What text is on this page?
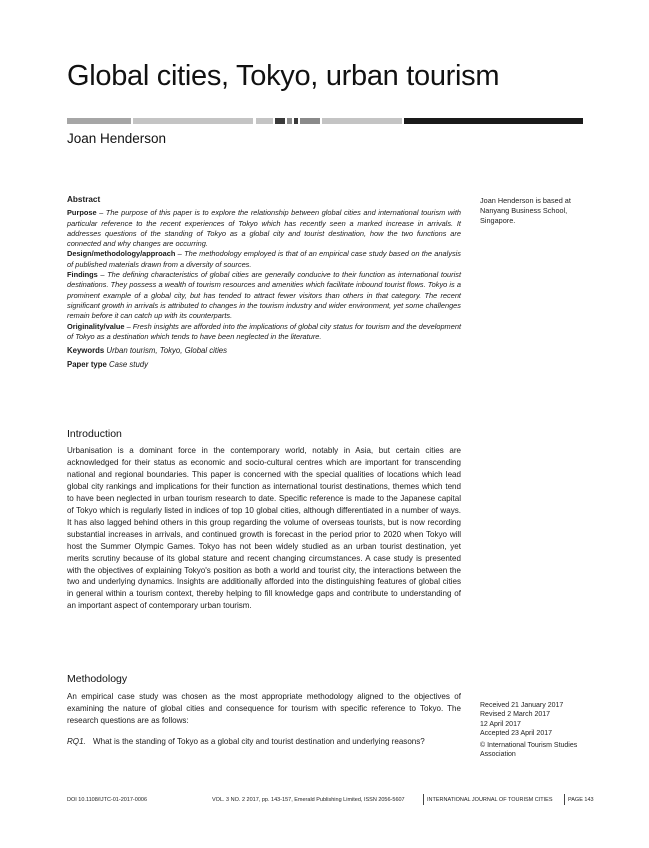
Global cities, Tokyo, urban tourism
Joan Henderson
Abstract

Purpose – The purpose of this paper is to explore the relationship between global cities and international tourism with particular reference to the recent experiences of Tokyo which has recently seen a marked increase in arrivals. It addresses questions of the standing of Tokyo as a global city and tourist destination, how the two functions are connected and why changes are occurring.

Design/methodology/approach – The methodology employed is that of an empirical case study based on the analysis of published materials drawn from a diversity of sources.

Findings – The defining characteristics of global cities are generally conducive to their function as international tourist destinations. They possess a wealth of tourism resources and amenities which facilitate inbound tourist flows. Tokyo is a prominent example of a global city, but has tended to attract fewer visitors than others in that category. The recent significant growth in arrivals is attributed to changes in the tourism industry and wider environment, yet some challenges remain before it can catch up with its counterparts.

Originality/value – Fresh insights are afforded into the implications of global city status for tourism and the development of Tokyo as a destination which tends to have been neglected in the literature.

Keywords Urban tourism, Tokyo, Global cities

Paper type Case study

Joan Henderson is based at Nanyang Business School, Singapore.
Introduction

Urbanisation is a dominant force in the contemporary world, notably in Asia, but certain cities are acknowledged for their status as economic and socio-cultural centres which are important for transcending national and regional boundaries. This paper is concerned with the special qualities of locations which lead global city rankings and implications for their function as international tourist destinations, themes which tend to have been neglected in urban tourism research to date. Specific reference is made to the Japanese capital of Tokyo which is regularly listed in indices of top 10 global cities, although differentiated in a number of ways. It has also lagged behind others in this group regarding the volume of overseas tourists, but is now recording substantial increases in arrivals, and continued growth is forecast in the period prior to 2020 when Tokyo will host the Summer Olympic Games. Tokyo has not been widely studied as an urban tourist destination, yet merits scrutiny because of its global stature and recent changing circumstances. A case study is presented with the objectives of explaining Tokyo's position as both a world and tourist city, the interactions between the two and underlying dynamics. Insights are additionally afforded into the distinguishing features of global cities in general within a tourism context, thereby helping to fill knowledge gaps and contribute to understanding of an important aspect of contemporary urban tourism.

Methodology

An empirical case study was chosen as the most appropriate methodology aligned to the objectives of examining the nature of global cities and consequence for tourism with specific reference to Tokyo. The research questions are as follows:

RQ1. What is the standing of Tokyo as a global city and tourist destination and underlying reasons?
Received 21 January 2017
Revised 2 March 2017
12 April 2017
Accepted 23 April 2017
© International Tourism Studies Association
DOI 10.1108/IJTC-01-2017-0006	VOL. 3 NO. 2 2017, pp. 143-157, Emerald Publishing Limited, ISSN 2056-5607	INTERNATIONAL JOURNAL OF TOURISM CITIES	PAGE 143
